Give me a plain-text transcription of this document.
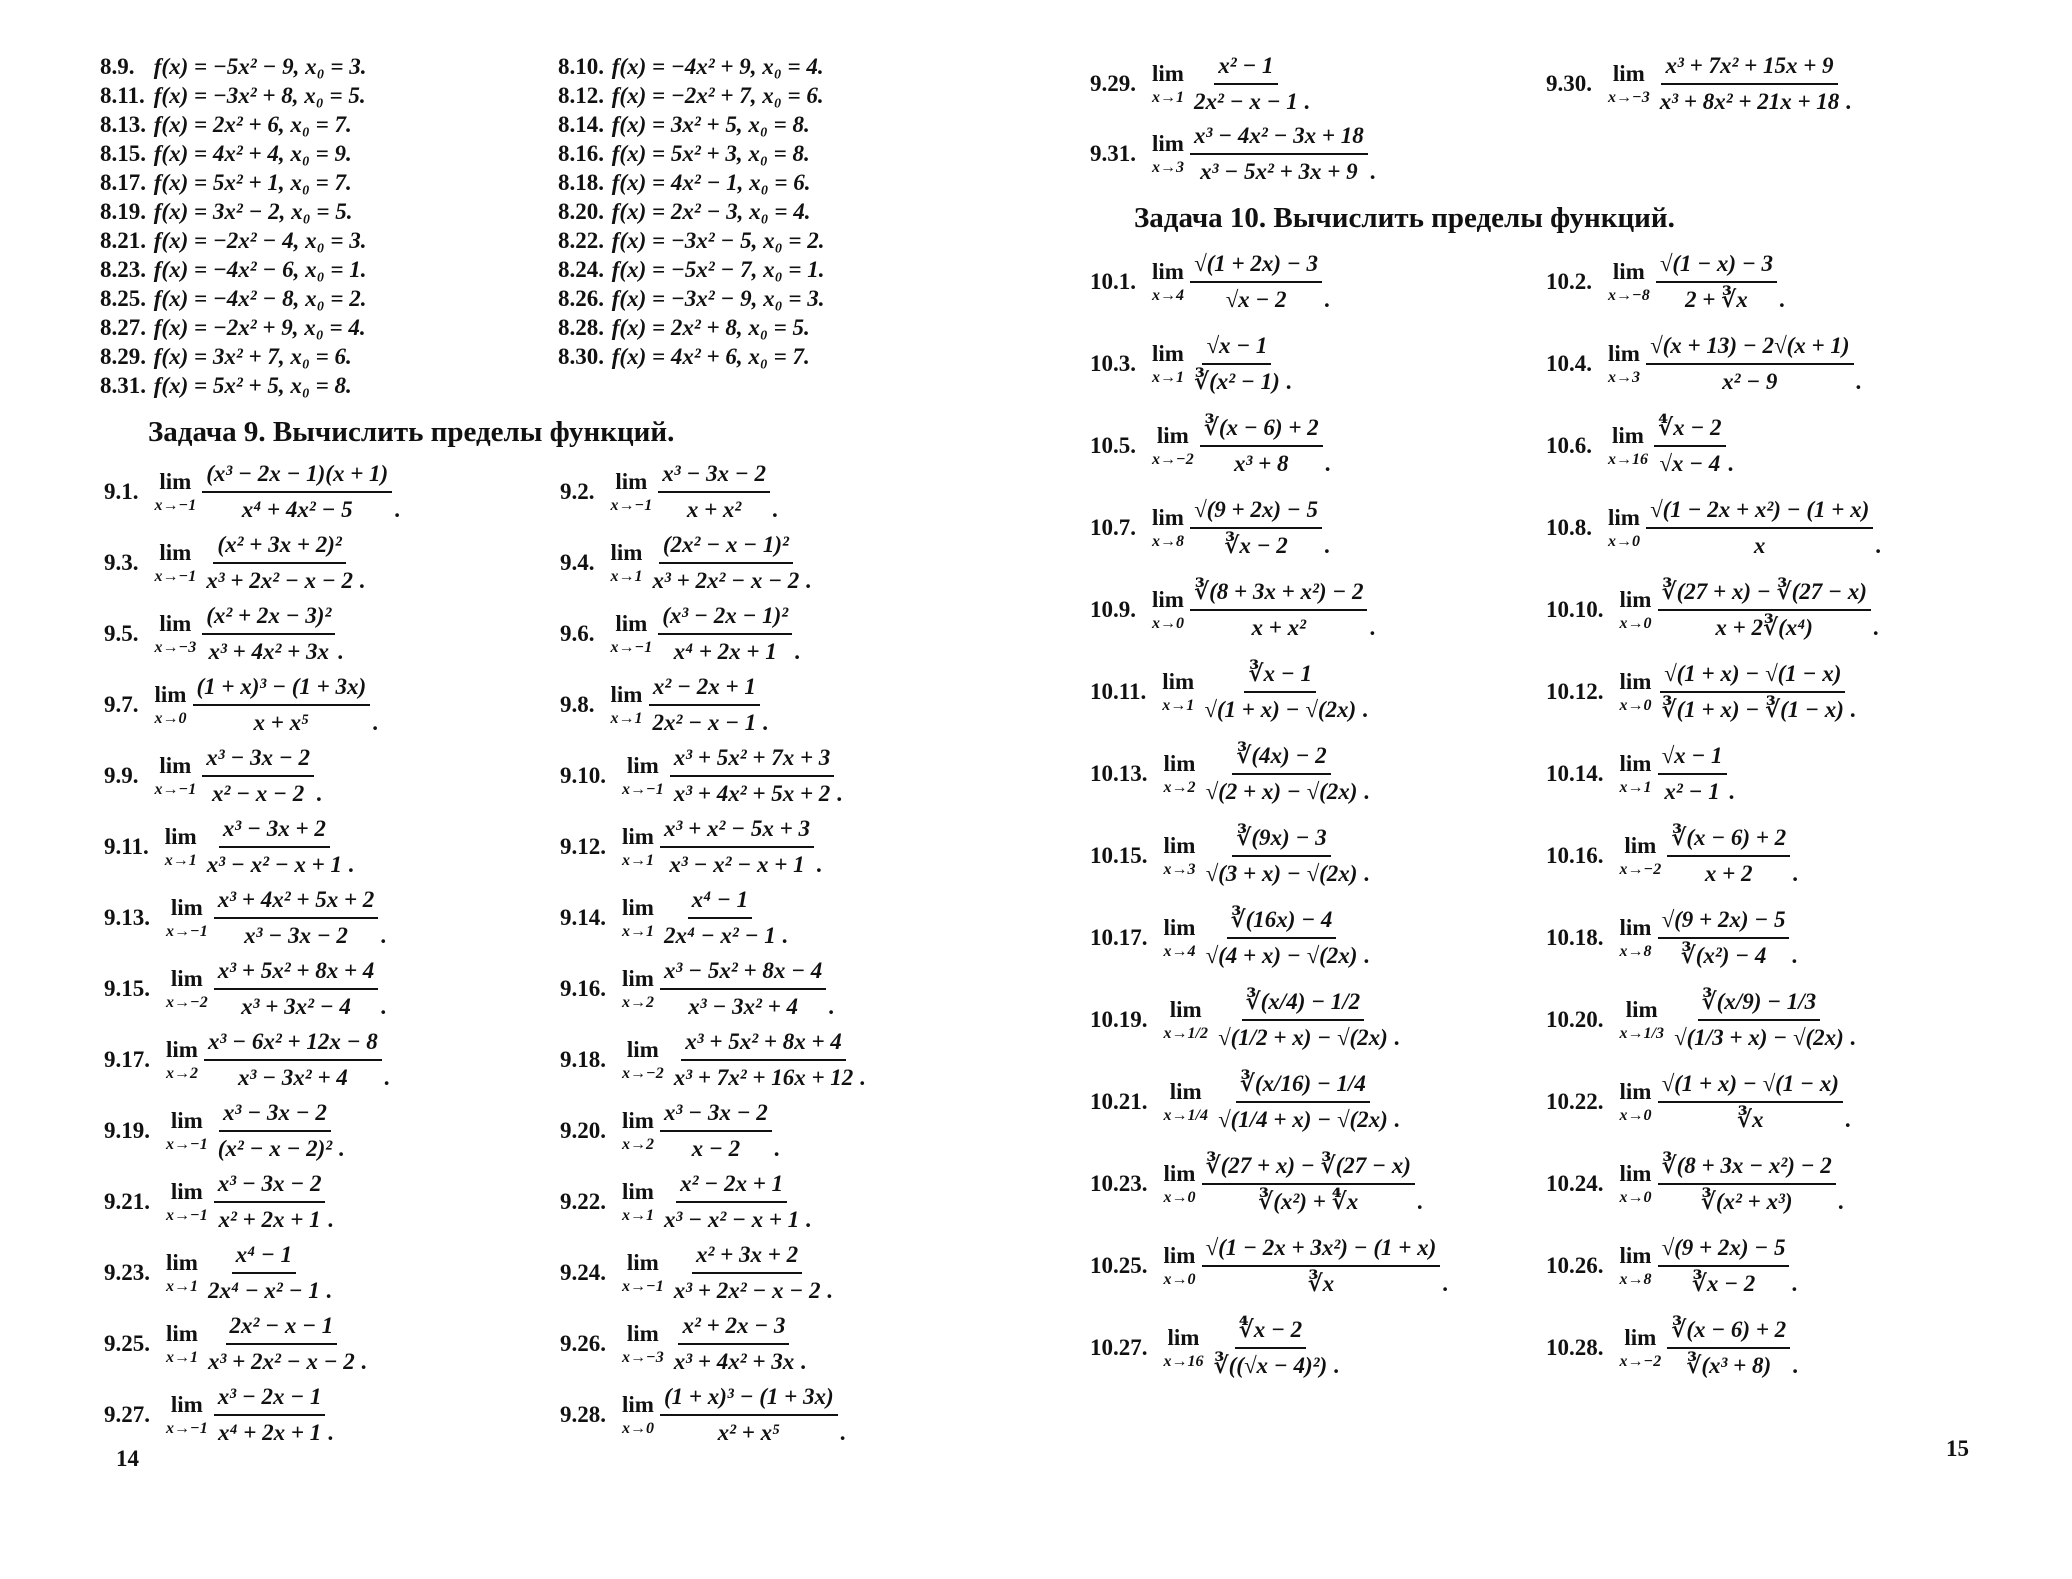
8.9. f(x) = −5x² − 9, x₀ = 3.
8.11. f(x) = −3x² + 8, x₀ = 5.
8.13. f(x) = 2x² + 6, x₀ = 7.
8.15. f(x) = 4x² + 4, x₀ = 9.
8.17. f(x) = 5x² + 1, x₀ = 7.
8.19. f(x) = 3x² − 2, x₀ = 5.
8.21. f(x) = −2x² − 4, x₀ = 3.
8.23. f(x) = −4x² − 6, x₀ = 1.
8.25. f(x) = −4x² − 8, x₀ = 2.
8.27. f(x) = −2x² + 9, x₀ = 4.
8.29. f(x) = 3x² + 7, x₀ = 6.
8.31. f(x) = 5x² + 5, x₀ = 8.
8.10. f(x) = −4x² + 9, x₀ = 4.
8.12. f(x) = −2x² + 7, x₀ = 6.
8.14. f(x) = 3x² + 5, x₀ = 8.
8.16. f(x) = 5x² + 3, x₀ = 8.
8.18. f(x) = 4x² − 1, x₀ = 6.
8.20. f(x) = 2x² − 3, x₀ = 4.
8.22. f(x) = −3x² − 5, x₀ = 2.
8.24. f(x) = −5x² − 7, x₀ = 1.
8.26. f(x) = −3x² − 9, x₀ = 3.
8.28. f(x) = 2x² + 8, x₀ = 5.
8.30. f(x) = 4x² + 6, x₀ = 7.
Задача 9. Вычислить пределы функций.
9.1. lim
$x\to-1 \frac{\text{(x³ − 2x − 1)(x + 1)}}{\text{x⁴ + 4x² − 5}}$ .
9.3. lim
$x\to-1 \frac{\text{(x² + 3x + 2)²}}{\text{x³ + 2x² − x − 2}}$ .
9.5. lim
$x\to-3 \frac{\text{(x² + 2x − 3)²}}{\text{x³ + 4x² + 3x}}$ .
9.7. lim
$x\to 0 \frac{\text{(1 + x)³ − (1 + 3x)}}{\text{x + x⁵}}$ .
9.9. lim
$x\to-1 \frac{\text{x³ − 3x − 2}}{\text{x² − x − 2}}$ .
9.11. lim
$x\to 1 \frac{\text{x³ − 3x + 2}}{\text{x³ − x² − x + 1}}$ .
9.13. lim
$x\to-1 \frac{\text{x³ + 4x² + 5x + 2}}{\text{x³ − 3x − 2}}$ .
9.15. lim
$x\to-2 \frac{\text{x³ + 5x² + 8x + 4}}{\text{x³ + 3x² − 4}}$ .
9.17. lim
$x\to 2 \frac{\text{x³ − 6x² + 12x − 8}}{\text{x³ − 3x² + 4}}$ .
9.19. lim
$x\to-1 \frac{\text{x³ − 3x − 2}}{\text{(x² − x − 2)²}}$ .
9.21. lim
$x\to-1 \frac{\text{x³ − 3x − 2}}{\text{x² + 2x + 1}}$ .
9.23. lim
$x\to 1 \frac{\text{x⁴ − 1}}{\text{2x⁴ − x² − 1}}$ .
9.25. lim
$x\to 1 \frac{\text{2x² − x − 1}}{\text{x³ + 2x² − x − 2}}$ .
9.27. lim
$x\to-1 \frac{\text{x³ − 2x − 1}}{\text{x⁴ + 2x + 1}}$ .
9.2. lim
$x\to-1 \frac{\text{x³ − 3x − 2}}{\text{x + x²}}$ .
9.4. lim
$x\to 1 \frac{\text{(2x² − x − 1)²}}{\text{x³ + 2x² − x − 2}}$ .
9.6. lim
$x\to-1 \frac{\text{(x³ − 2x − 1)²}}{\text{x⁴ + 2x + 1}}$ .
9.8. lim
$x\to 1 \frac{\text{x² − 2x + 1}}{\text{2x² − x − 1}}$ .
9.10. lim
$x\to-1 \frac{\text{x³ + 5x² + 7x + 3}}{\text{x³ + 4x² + 5x + 2}}$ .
9.12. lim
$x\to 1 \frac{\text{x³ + x² − 5x + 3}}{\text{x³ − x² − x + 1}}$ .
9.14. lim
$x\to 1 \frac{\text{x⁴ − 1}}{\text{2x⁴ − x² − 1}}$ .
9.16. lim
$x\to 2 \frac{\text{x³ − 5x² + 8x − 4}}{\text{x³ − 3x² + 4}}$ .
9.18. lim
$x\to-2 \frac{\text{x³ + 5x² + 8x + 4}}{\text{x³ + 7x² + 16x + 12}}$ .
9.20. lim
$x\to 2 \frac{\text{x³ − 3x − 2}}{x - 2}$ .
9.22. lim
$x\to 1 \frac{\text{x² − 2x + 1}}{\text{x³ − x² − x + 1}}$ .
9.24. lim
$x\to-1 \frac{\text{x² + 3x + 2}}{\text{x³ + 2x² − x − 2}}$ .
9.26. lim
$x\to-3 \frac{\text{x² + 2x − 3}}{\text{x³ + 4x² + 3x}}$ .
9.28. lim
$x\to 0 \frac{\text{(1 + x)³ − (1 + 3x)}}{\text{x² + x⁵}}$ .
14
9.29. lim
$x\to 1 \frac{\text{x² − 1}}{\text{2x² − x − 1}}$ .
9.30. lim
$x\to-3 \frac{\text{x³ + 7x² + 15x + 9}}{\text{x³ + 8x² + 21x + 18}}$ .
9.31. lim
$x\to 3 \frac{\text{x³ − 4x² − 3x + 18}}{\text{x³ − 5x² + 3x + 9}}$ .
Задача 10. Вычислить пределы функций.
10.1. lim
$x\to 4 \frac{√(1 + 2x) - 3}{√x - 2}$ .
10.3. lim
$x\to 1 \frac{√x - 1}{\text{∛(x² − 1)}}$ .
10.5. lim
$x\to-2 \frac{∛(x - 6) + 2}{\text{x³ + 8}}$ .
10.7. lim
$x\to 8 \frac{√(9 + 2x) - 5}{∛x - 2}$ .
10.9. lim
$x\to 0 \frac{\text{∛(8 + 3x + x²) − 2}}{\text{x + x²}}$ .
10.11. lim
$x\to 1 \frac{∛x - 1}{√(1 + x) - √(2x)}$ .
10.13. lim
$x\to 2 \frac{∛(4x) - 2}{√(2 + x) - √(2x)}$ .
10.15. lim
$x\to 3 \frac{∛(9x) - 3}{√(3 + x) - √(2x)}$ .
10.17. lim
$x\to 4 \frac{∛(16x) - 4}{√(4 + x) - √(2x)}$ .
10.19. lim
$x\to 1/2 \frac{∛(x/4) - 1/2}{√(1/2 + x) - √(2x)}$ .
10.21. lim
$x\to 1/4 \frac{∛(x/16) - 1/4}{√(1/4 + x) - √(2x)}$ .
10.23. lim
$x\to 0 \frac{∛(27 + x) - ∛(27 - x)}{\text{∛(x²) + ∜x}}$ .
10.25. lim
$x\to 0 \frac{\text{√(1 − 2x + 3x²) − (1 + x)}}{∛x}$ .
10.27. lim
$x\to 16 \frac{∜x - 2}{\text{∛((√x − 4)²)}}$ .
10.2. lim
$x\to-8 \frac{√(1 - x) - 3}{2 + ∛x}$ .
10.4. lim
$x\to 3 \frac{√(x + 13) - 2√(x + 1)}{\text{x² − 9}}$ .
10.6. lim
$x\to 16 \frac{∜x - 2}{√x - 4}$ .
10.8. lim
$x\to 0 \frac{\text{√(1 − 2x + x²) − (1 + x)}}{x}$ .
10.10. lim
$x\to 0 \frac{∛(27 + x) - ∛(27 - x)}{\text{x + 2∛(x⁴)}}$ .
10.12. lim
$x\to 0 \frac{√(1 + x) - √(1 - x)}{∛(1 + x) - ∛(1 - x)}$ .
10.14. lim
$x\to 1 \frac{√x - 1}{\text{x² − 1}}$ .
10.16. lim
$x\to-2 \frac{∛(x - 6) + 2}{x + 2}$ .
10.18. lim
$x\to 8 \frac{√(9 + 2x) - 5}{\text{∛(x²) − 4}}$ .
10.20. lim
$x\to 1/3 \frac{∛(x/9) - 1/3}{√(1/3 + x) - √(2x)}$ .
10.22. lim
$x\to 0 \frac{√(1 + x) - √(1 - x)}{∛x}$ .
10.24. lim
$x\to 0 \frac{\text{∛(8 + 3x − x²) − 2}}{\text{∛(x² + x³)}}$ .
10.26. lim
$x\to 8 \frac{√(9 + 2x) - 5}{∛x - 2}$ .
10.28. lim
$x\to-2 \frac{∛(x - 6) + 2}{\text{∛(x³ + 8)}}$ .
15
